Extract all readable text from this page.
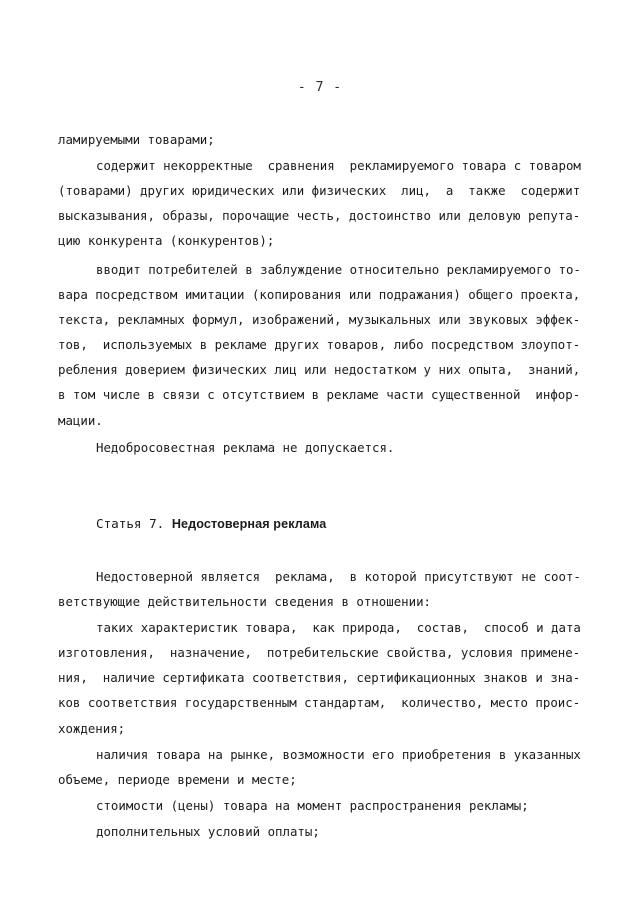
- 7 -
ламируемыми товарами;
содержит некорректные  сравнения  рекламируемого товара с товаром
(товарами) других юридических или физических  лиц,  а  также  содержит
высказывания, образы, порочащие честь, достоинство или деловую репута-
цию конкурента (конкурентов);
вводит потребителей в заблуждение относительно рекламируемого то-
вара посредством имитации (копирования или подражания) общего проекта,
текста, рекламных формул, изображений, музыкальных или звуковых эффек-
тов,  используемых в рекламе других товаров, либо посредством злоупот-
ребления доверием физических лиц или недостатком у них опыта,  знаний,
в том числе в связи с отсутствием в рекламе части существенной  инфор-
мации.
Недобросовестная реклама не допускается.
Статья 7. Недостоверная реклама
Недостоверной является  реклама,  в которой присутствуют не соот-
ветствующие действительности сведения в отношении:
таких характеристик товара,  как природа,  состав,  способ и дата
изготовления,  назначение,  потребительские свойства, условия примене-
ния,  наличие сертификата соответствия, сертификационных знаков и зна-
ков соответствия государственным стандартам,  количество, место проис-
хождения;
наличия товара на рынке, возможности его приобретения в указанных
объеме, периоде времени и месте;
стоимости (цены) товара на момент распространения рекламы;
дополнительных условий оплаты;
